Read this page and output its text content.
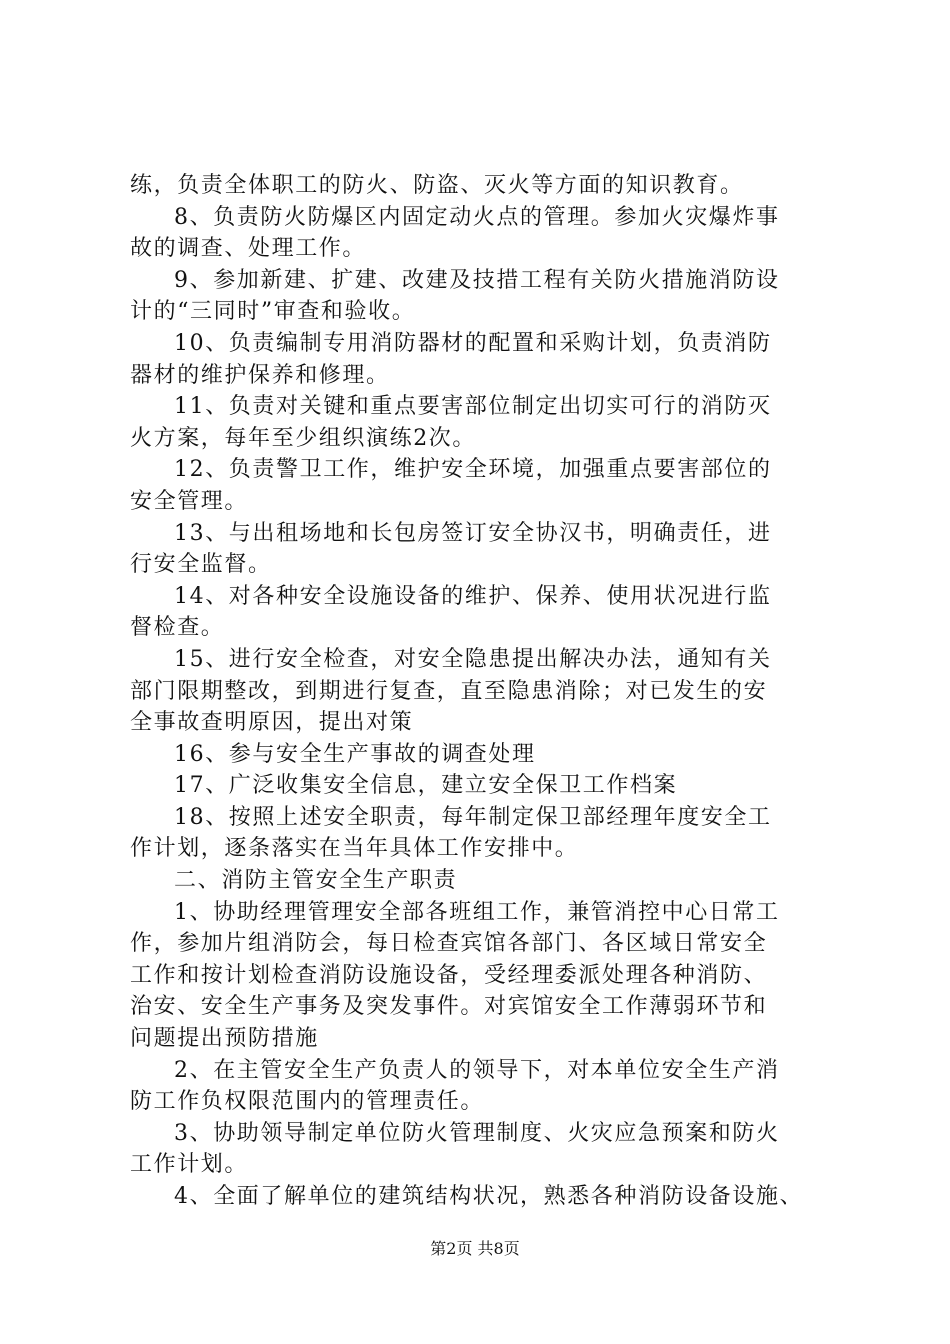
练，负责全体职工的防火、防盗、灭火等方面的知识教育。
8、负责防火防爆区内固定动火点的管理。参加火灾爆炸事
故的调查、处理工作。
9、参加新建、扩建、改建及技措工程有关防火措施消防设
计的“三同时”审查和验收。
10、负责编制专用消防器材的配置和采购计划，负责消防
器材的维护保养和修理。
11、负责对关键和重点要害部位制定出切实可行的消防灭
火方案，每年至少组织演练2次。
12、负责警卫工作，维护安全环境，加强重点要害部位的
安全管理。
13、与出租场地和长包房签订安全协汉书，明确责任，进
行安全监督。
14、对各种安全设施设备的维护、保养、使用状况进行监
督检查。
15、进行安全检查，对安全隐患提出解决办法，通知有关
部门限期整改，到期进行复查，直至隐患消除；对已发生的安
全事故查明原因，提出对策
16、参与安全生产事故的调查处理
17、广泛收集安全信息，建立安全保卫工作档案
18、按照上述安全职责，每年制定保卫部经理年度安全工
作计划，逐条落实在当年具体工作安排中。
二、消防主管安全生产职责
1、协助经理管理安全部各班组工作，兼管消控中心日常工
作，参加片组消防会，每日检查宾馆各部门、各区域日常安全
工作和按计划检查消防设施设备，受经理委派处理各种消防、
治安、安全生产事务及突发事件。对宾馆安全工作薄弱环节和
问题提出预防措施
2、在主管安全生产负责人的领导下，对本单位安全生产消
防工作负权限范围内的管理责任。
3、协助领导制定单位防火管理制度、火灾应急预案和防火
工作计划。
4、全面了解单位的建筑结构状况，熟悉各种消防设备设施、
第2页 共8页
